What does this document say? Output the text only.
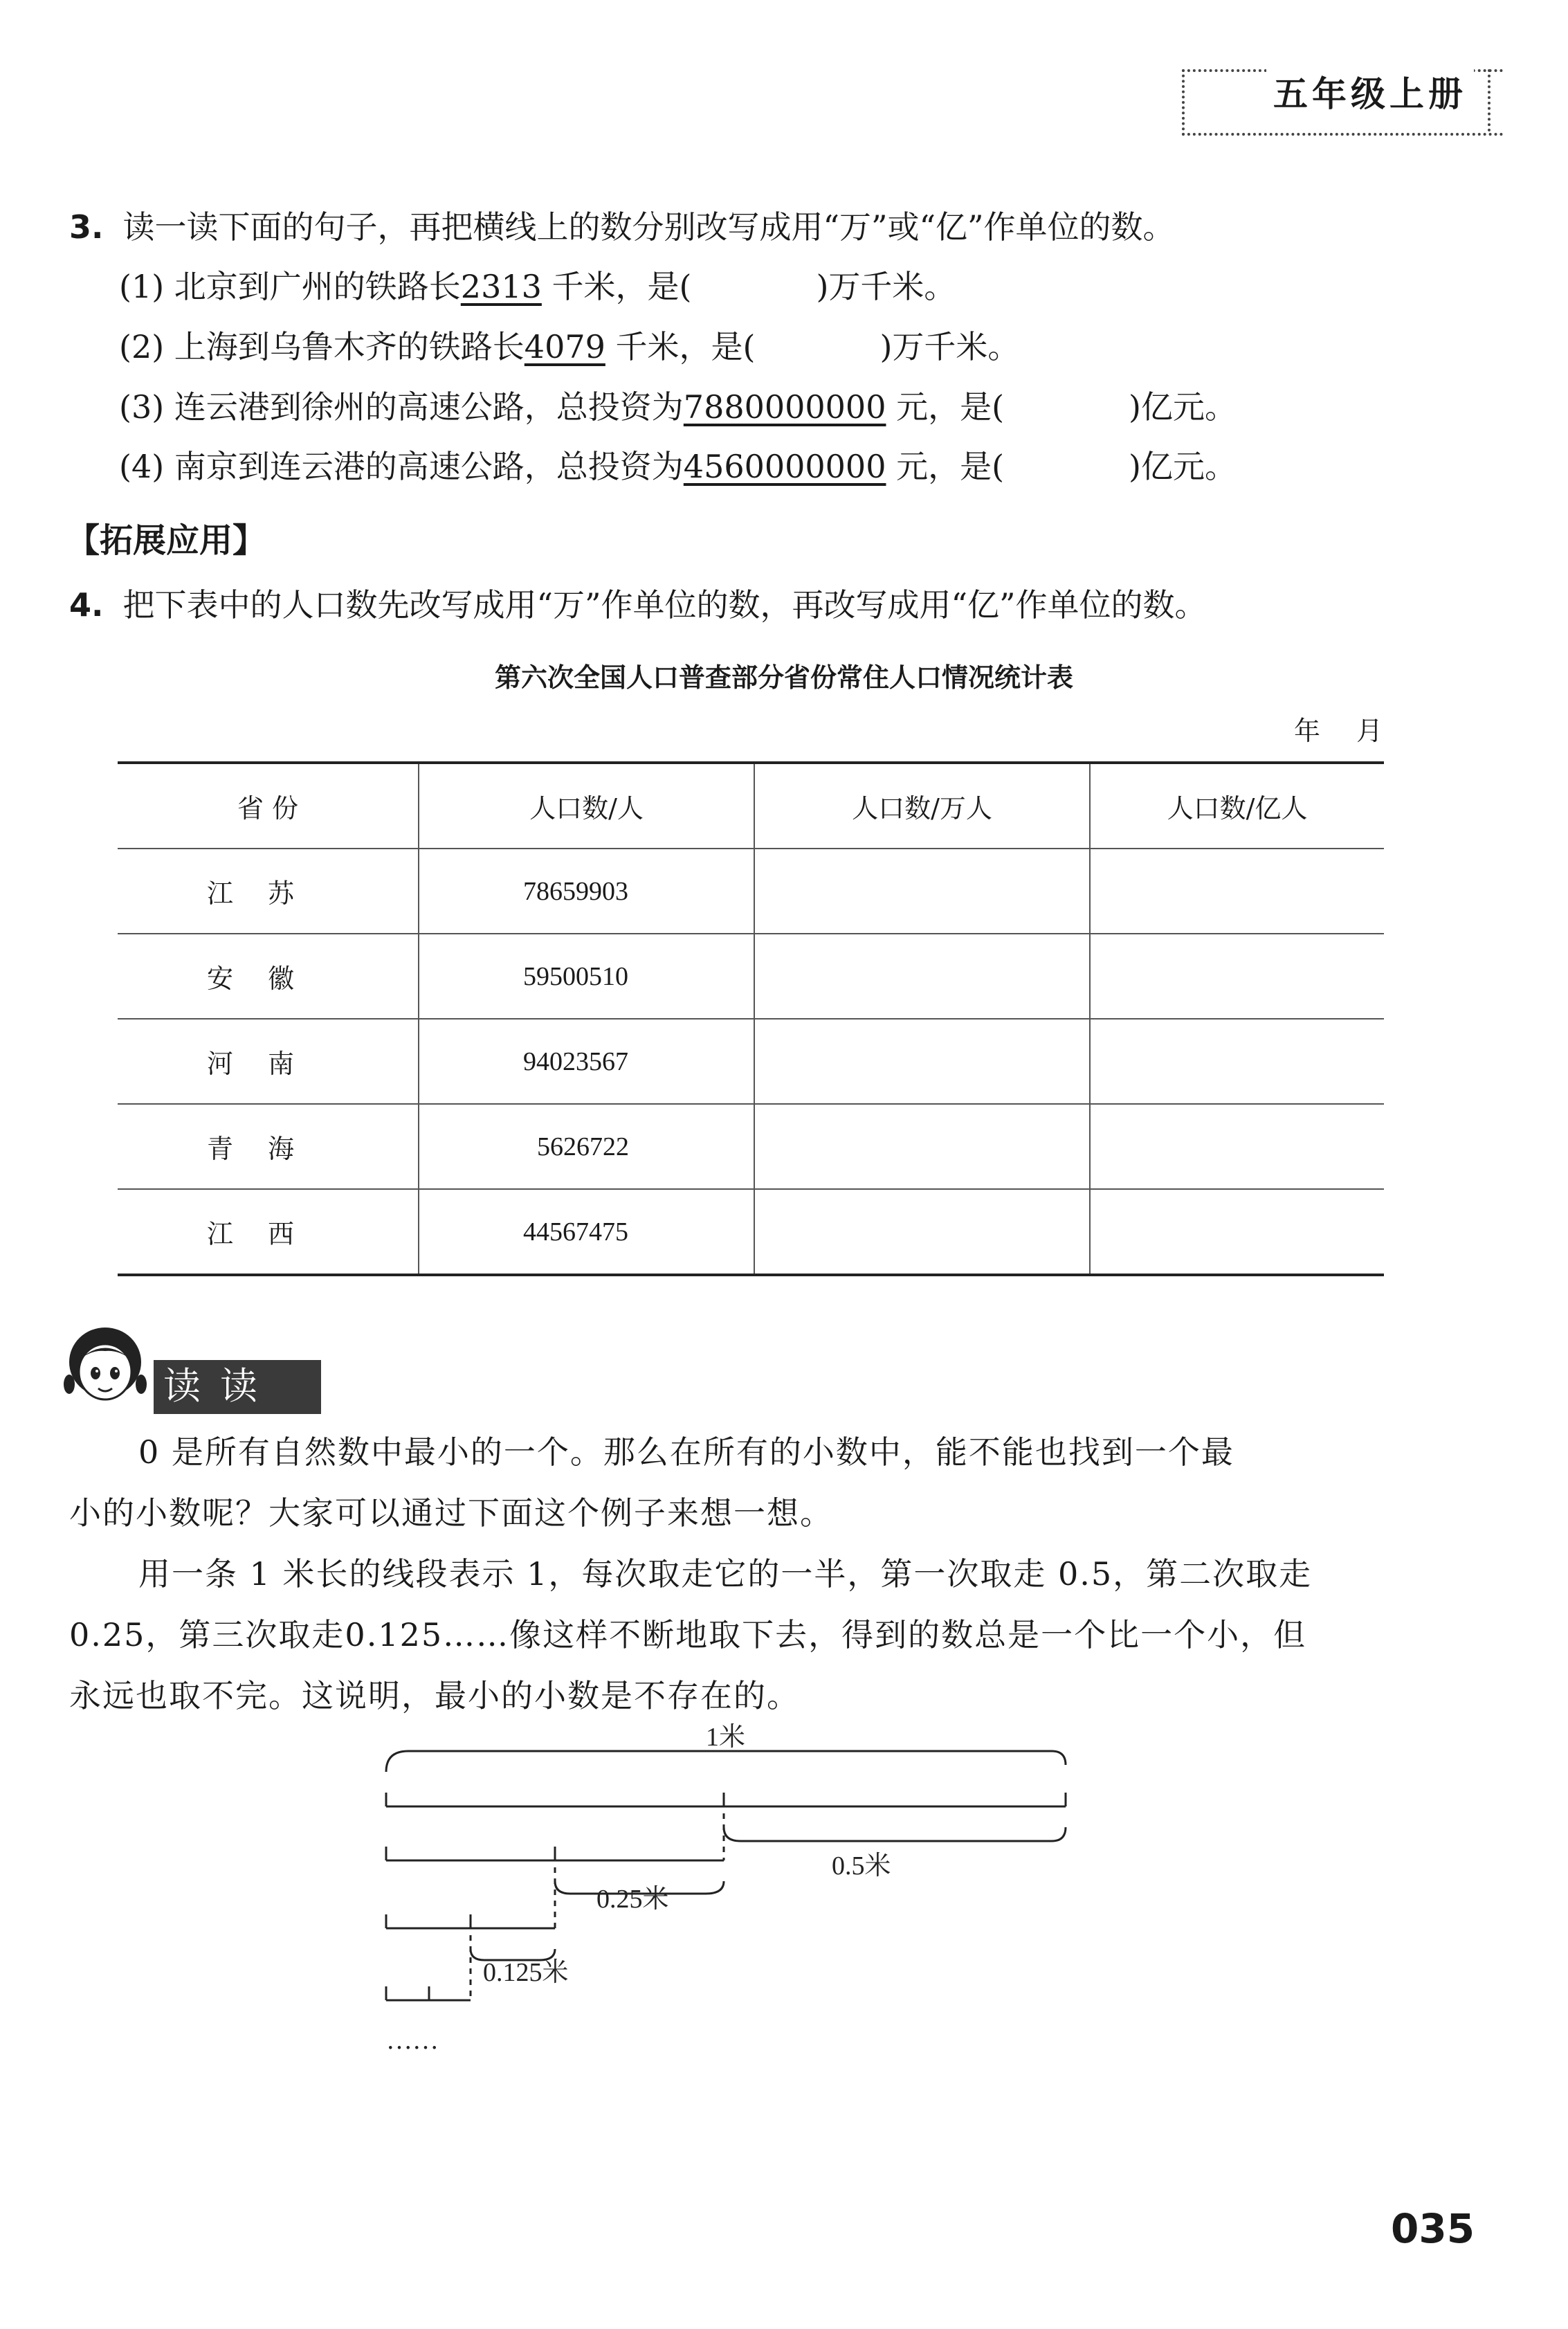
五年级上册
3. 读一读下面的句子，再把横线上的数分别改写成用“万”或“亿”作单位的数。
(1) 北京到广州的铁路长2313 千米，是(	)万千米。
(2) 上海到乌鲁木齐的铁路长4079 千米，是(	)万千米。
(3) 连云港到徐州的高速公路，总投资为7880000000 元，是(	)亿元。
(4) 南京到连云港的高速公路，总投资为4560000000 元，是(	)亿元。
【拓展应用】
4. 把下表中的人口数先改写成用“万”作单位的数，再改写成用“亿”作单位的数。
第六次全国人口普查部分省份常住人口情况统计表
年 月
省 份	人口数/人	人口数/万人	人口数/亿人
江苏	78659903		
安徽	59500510		
河南	94023567		
青海	5626722		
江西	44567475		
读读
0 是所有自然数中最小的一个。那么在所有的小数中，能不能也找到一个最
小的小数呢？大家可以通过下面这个例子来想一想。
用一条 1 米长的线段表示 1，每次取走它的一半，第一次取走 0.5，第二次取走
0.25，第三次取走0.125……像这样不断地取下去，得到的数总是一个比一个小，但
永远也取不完。这说明，最小的小数是不存在的。
1米
0.5米
0.25米
0.125米
……
035
